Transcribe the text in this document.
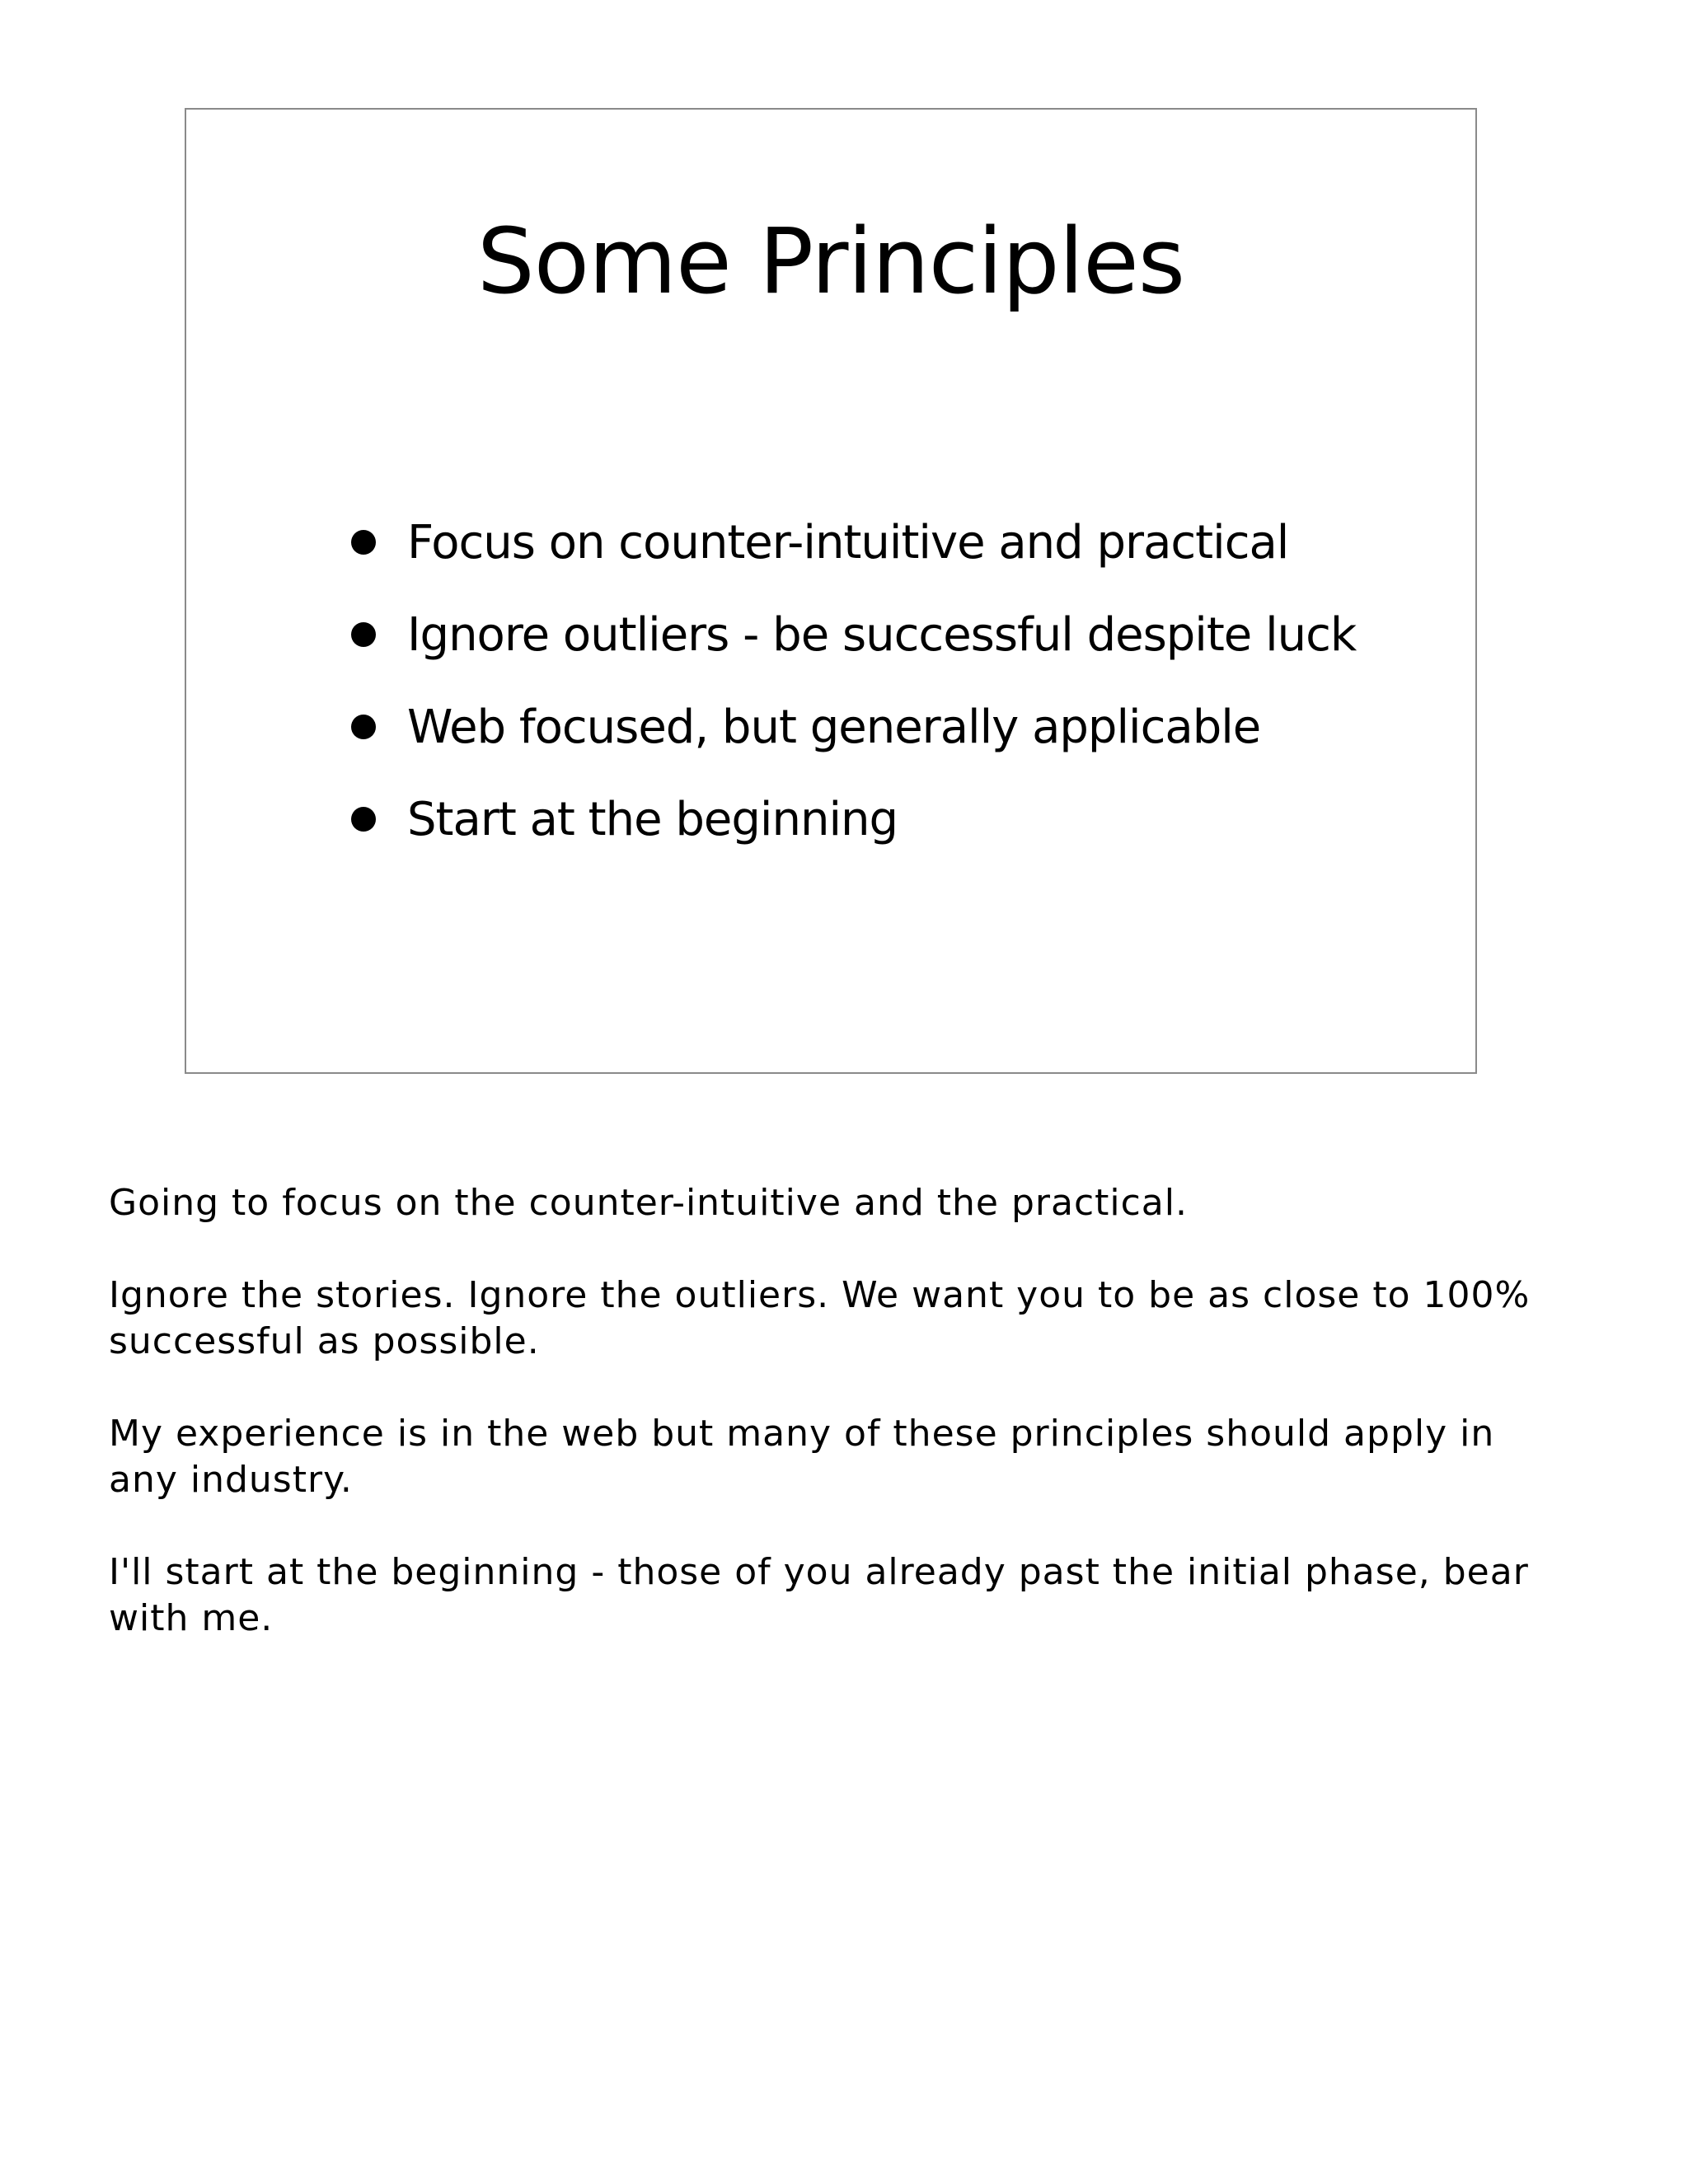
Some Principles
Focus on counter-intuitive and practical
Ignore outliers - be successful despite luck
Web focused, but generally applicable
Start at the beginning

Going to focus on the counter-intuitive and the practical.

Ignore the stories. Ignore the outliers. We want you to be as close to 100% successful as possible.

My experience is in the web but many of these principles should apply in any industry.

I'll start at the beginning - those of you already past the initial phase, bear with me.
